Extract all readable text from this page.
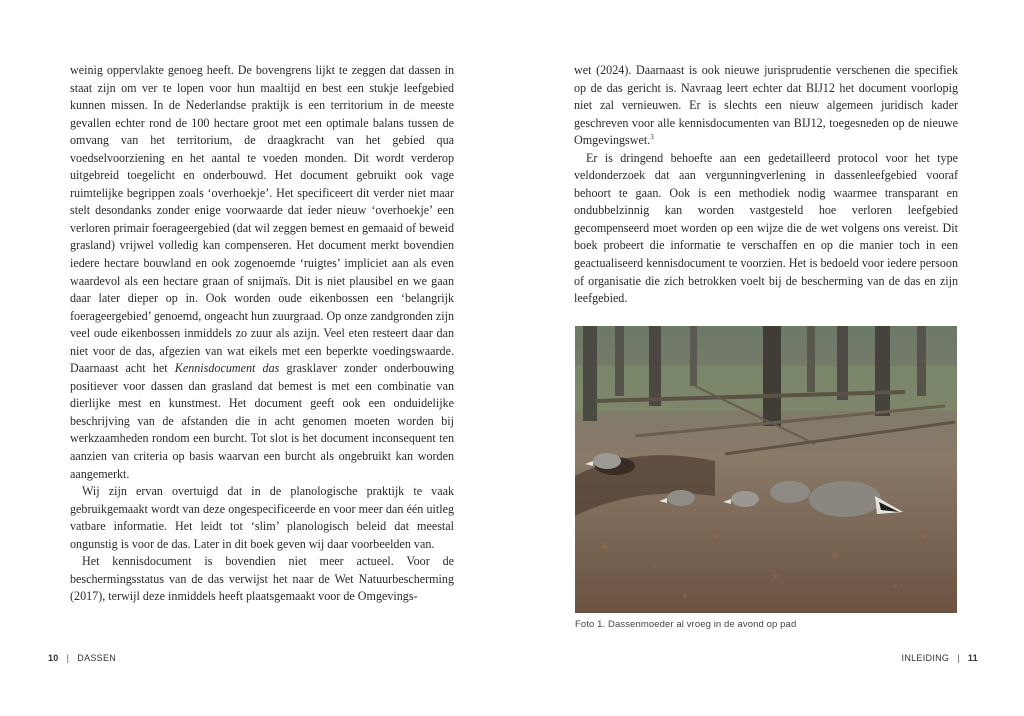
weinig oppervlakte genoeg heeft. De bovengrens lijkt te zeggen dat dassen in staat zijn om ver te lopen voor hun maaltijd en best een stukje leefgebied kunnen missen. In de Nederlandse praktijk is een territorium in de meeste gevallen echter rond de 100 hectare groot met een optimale balans tussen de omvang van het territorium, de draagkracht van het gebied qua voedselvoorziening en het aantal te voeden monden. Dit wordt verderop uitgebreid toegelicht en onderbouwd. Het document gebruikt ook vage ruimtelijke begrippen zoals ‘overhoekje’. Het specificeert dit verder niet maar stelt desondanks zonder enige voorwaarde dat ieder nieuw ‘overhoekje’ een verloren primair foerageergebied (dat wil zeggen bemest en gemaaid of beweid grasland) vrijwel volledig kan compenseren. Het document merkt bovendien iedere hectare bouwland en ook zogenoemde ‘ruigtes’ impliciet aan als even waardevol als een hectare graan of snijmaïs. Dit is niet plausibel en we gaan daar later dieper op in. Ook worden oude eikenbossen een ‘belangrijk foerageergebied’ genoemd, ongeacht hun zuurgraad. Op onze zandgronden zijn veel oude eikenbossen inmiddels zo zuur als azijn. Veel eten resteert daar dan niet voor de das, afgezien van wat eikels met een beperkte voedingswaarde. Daarnaast acht het Kennisdocument das grasklaver zonder onderbouwing positiever voor dassen dan grasland dat bemest is met een combinatie van dierlijke mest en kunstmest. Het document geeft ook een onduidelijke beschrijving van de afstanden die in acht genomen moeten worden bij werkzaamheden rondom een burcht. Tot slot is het document inconsequent ten aanzien van criteria op basis waarvan een burcht als ongebruikt kan worden aangemerkt.

Wij zijn ervan overtuigd dat in de planologische praktijk te vaak gebruikgemaakt wordt van deze ongespecificeerde en voor meer dan één uitleg vatbare informatie. Het leidt tot ‘slim’ planologisch beleid dat meestal ongunstig is voor de das. Later in dit boek geven wij daar voorbeelden van.

Het kennisdocument is bovendien niet meer actueel. Voor de beschermingsstatus van de das verwijst het naar de Wet Natuurbescherming (2017), terwijl deze inmiddels heeft plaatsgemaakt voor de Omgevings-

wet (2024). Daarnaast is ook nieuwe jurisprudentie verschenen die specifiek op de das gericht is. Navraag leert echter dat BIJ12 het document voorlopig niet zal vernieuwen. Er is slechts een nieuw algemeen juridisch kader geschreven voor alle kennisdocumenten van BIJ12, toegesneden op de nieuwe Omgevingswet.$^3$

Er is dringend behoefte aan een gedetailleerd protocol voor het type veldonderzoek dat aan vergunningverlening in dassenleefgebied vooraf behoort te gaan. Ook is een methodiek nodig waarmee transparant en ondubbelzinnig kan worden vastgesteld hoe verloren leefgebied gecompenseerd moet worden op een wijze die de wet volgens ons vereist. Dit boek probeert die informatie te verschaffen en op die manier toch in een geactualiseerd kennisdocument te voorzien. Het is bedoeld voor iedere persoon of organisatie die zich betrokken voelt bij de bescherming van de das en zijn leefgebied.

Foto 1. Dassenmoeder al vroeg in de avond op pad
10 | DASSEN	INLEIDING | 11
